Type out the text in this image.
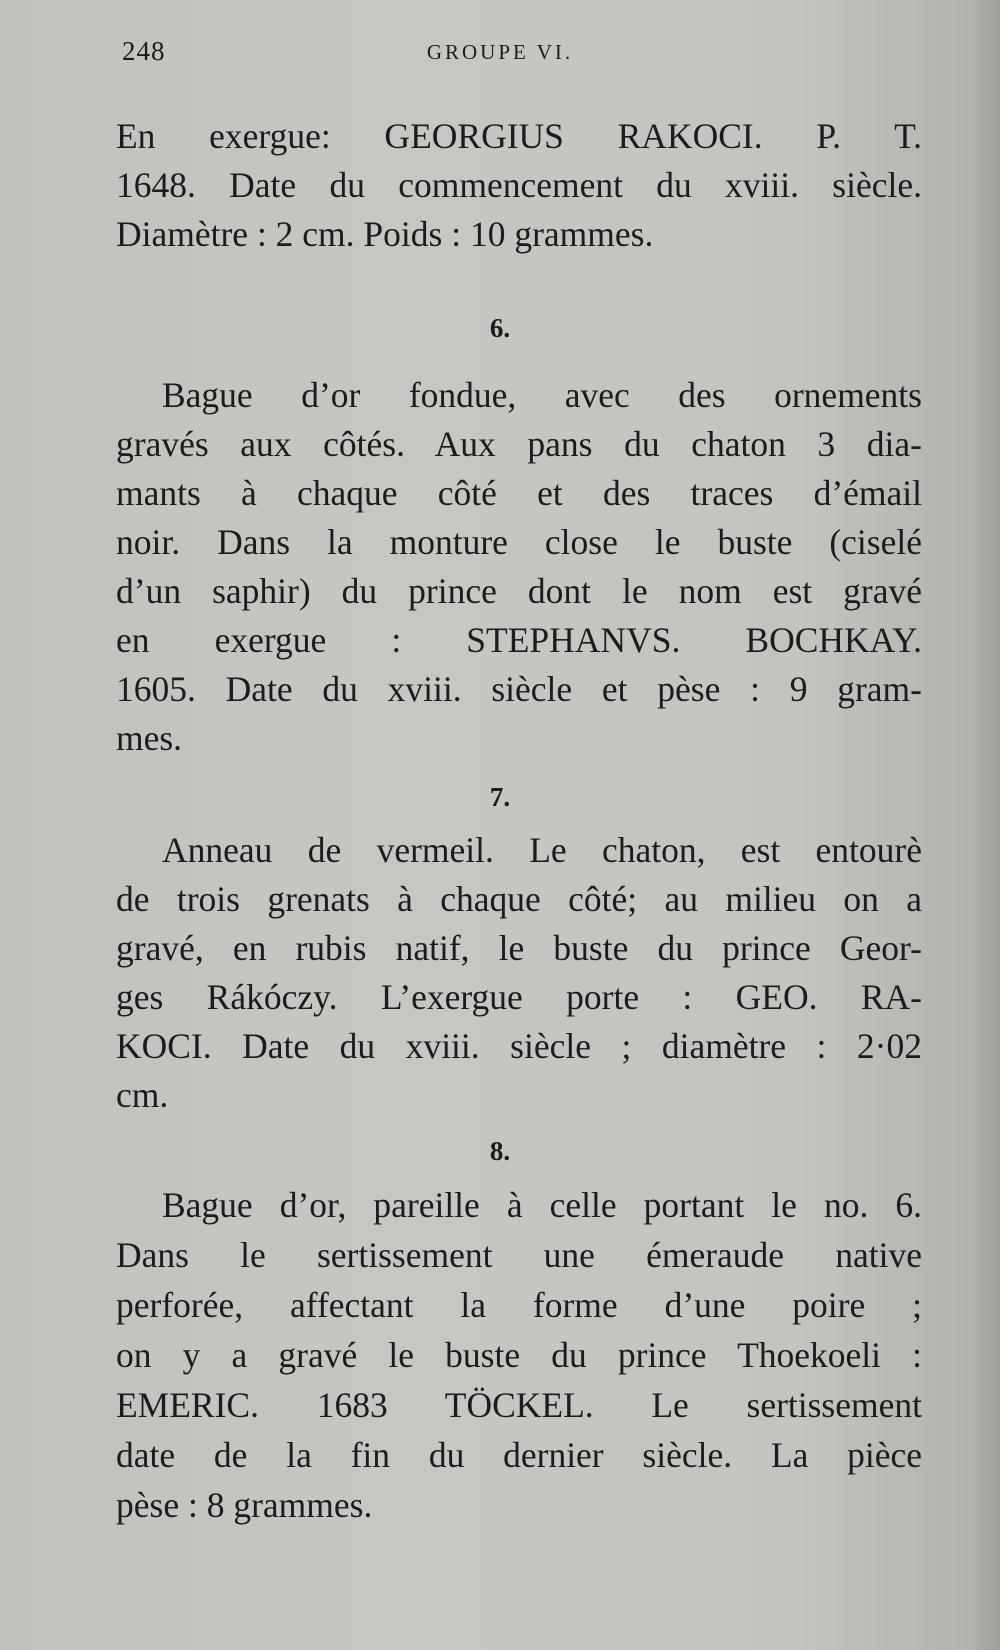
248	GROUPE VI.
En exergue: GEORGIUS RAKOCI. P. T.
1648. Date du commencement du xviii. siècle.
Diamètre : 2 cm. Poids : 10 grammes.
6.
Bague d’or fondue, avec des ornements
gravés aux côtés. Aux pans du chaton 3 dia-
mants à chaque côté et des traces d’émail
noir. Dans la monture close le buste (ciselé
d’un saphir) du prince dont le nom est gravé
en exergue : STEPHANVS. BOCHKAY.
1605. Date du xviii. siècle et pèse : 9 gram-
mes.
7.
Anneau de vermeil. Le chaton, est entourè
de trois grenats à chaque côté; au milieu on a
gravé, en rubis natif, le buste du prince Geor-
ges Rákóczy. L’exergue porte : GEO. RA-
KOCI. Date du xviii. siècle ; diamètre : 2·02
cm.
8.
Bague d’or, pareille à celle portant le no. 6.
Dans le sertissement une émeraude native
perforée, affectant la forme d’une poire ;
on y a gravé le buste du prince Thoekoeli :
EMERIC. 1683 TÖCKEL. Le sertissement
date de la fin du dernier siècle. La pièce
pèse : 8 grammes.
